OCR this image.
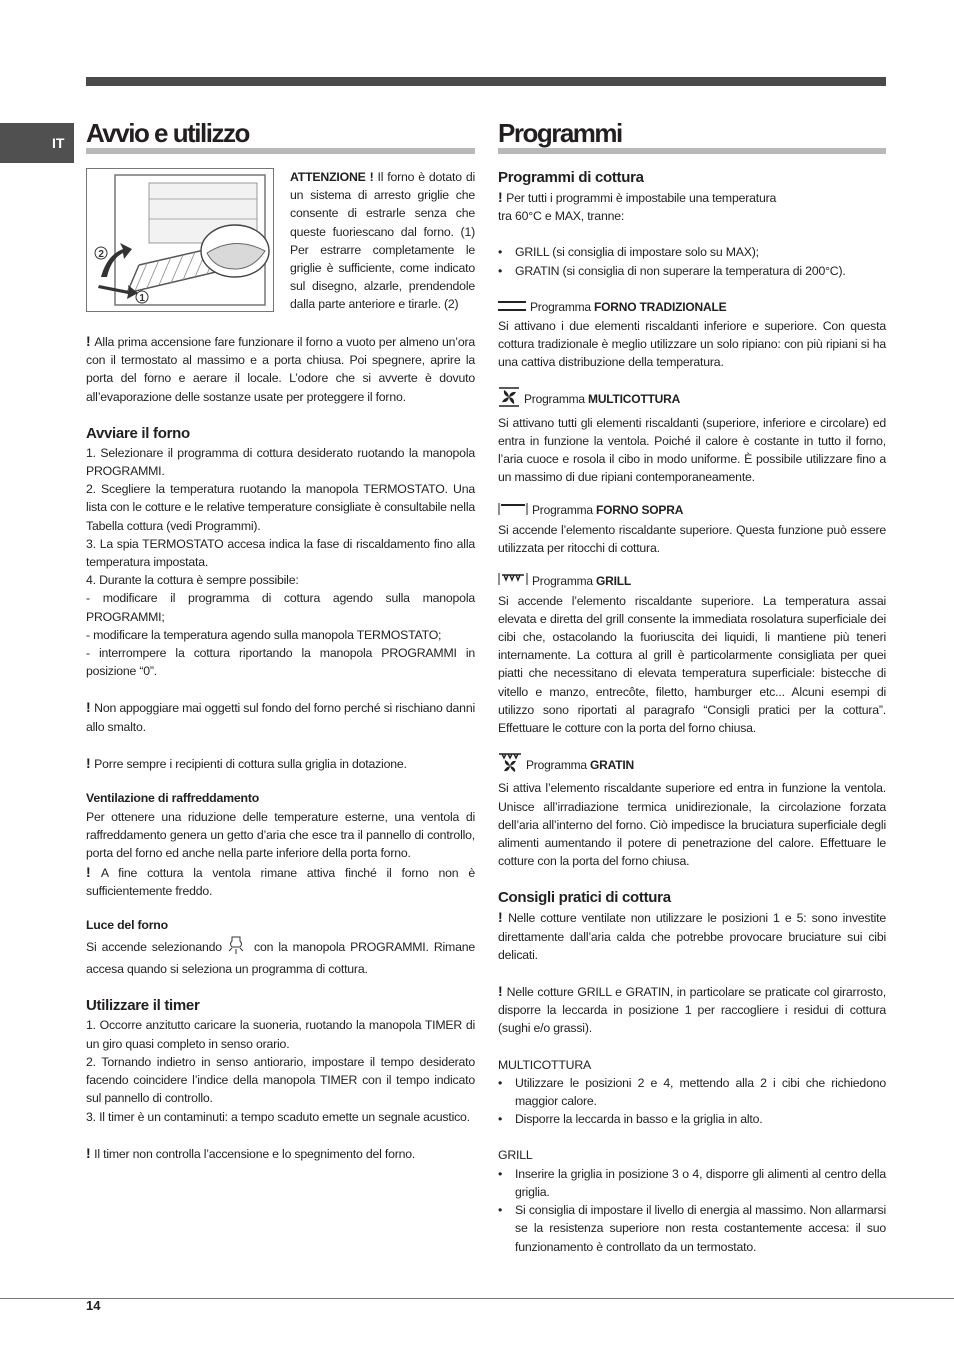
IT Avvio e utilizzo
2
1

ATTENZIONE ! Il forno è dotato di un sistema di arresto griglie che consente di estrarle senza che queste fuoriescano dal forno. (1) Per estrarre completamente le griglie è sufficiente, come indicato sul disegno, alzarle, prendendole dalla parte anteriore e tirarle. (2)

! Alla prima accensione fare funzionare il forno a vuoto per almeno un’ora con il termostato al massimo e a porta chiusa. Poi spegnere, aprire la porta del forno e aerare il locale. L’odore che si avverte è dovuto all’evaporazione delle sostanze usate per proteggere il forno.

Avviare il forno

1. Selezionare il programma di cottura desiderato ruotando la manopola PROGRAMMI.

2. Scegliere la temperatura ruotando la manopola TERMOSTATO. Una lista con le cotture e le relative temperature consigliate è consultabile nella Tabella cottura (vedi Programmi).

3. La spia TERMOSTATO accesa indica la fase di riscaldamento fino alla temperatura impostata.

4. Durante la cottura è sempre possibile:

- modificare il programma di cottura agendo sulla manopola PROGRAMMI;

- modificare la temperatura agendo sulla manopola TERMOSTATO;

- interrompere la cottura riportando la manopola PROGRAMMI in posizione “0”.

! Non appoggiare mai oggetti sul fondo del forno perché si rischiano danni allo smalto.

! Porre sempre i recipienti di cottura sulla griglia in dotazione.

Ventilazione di raffreddamento

Per ottenere una riduzione delle temperature esterne, una ventola di raffreddamento genera un getto d’aria che esce tra il pannello di controllo, porta del forno ed anche nella parte inferiore della porta forno.

! A fine cottura la ventola rimane attiva finché il forno non è sufficientemente freddo.

Luce del forno

Si accende selezionando  con la manopola PROGRAMMI. Rimane accesa quando si seleziona un programma di cottura.

Utilizzare il timer

1. Occorre anzitutto caricare la suoneria, ruotando la manopola TIMER di un giro quasi completo in senso orario.

2. Tornando indietro in senso antiorario, impostare il tempo desiderato facendo coincidere l’indice della manopola TIMER con il tempo indicato sul pannello di controllo.

3. Il timer è un contaminuti: a tempo scaduto emette un segnale acustico.

! Il timer non controlla l’accensione e lo spegnimento del forno.

Programmi
Programmi di cottura

! Per tutti i programmi è impostabile una temperatura

tra 60°C e MAX, tranne:

• GRILL (si consiglia di impostare solo su MAX);
• GRATIN (si consiglia di non superare la temperatura di 200°C).
Programma FORNO TRADIZIONALE

Si attivano i due elementi riscaldanti inferiore e superiore. Con questa cottura tradizionale è meglio utilizzare un solo ripiano: con più ripiani si ha una cattiva distribuzione della temperatura.

Programma MULTICOTTURA

Si attivano tutti gli elementi riscaldanti (superiore, inferiore e circolare) ed entra in funzione la ventola. Poiché il calore è costante in tutto il forno, l’aria cuoce e rosola il cibo in modo uniforme. È possibile utilizzare fino a un massimo di due ripiani contemporaneamente.

Programma FORNO SOPRA

Si accende l’elemento riscaldante superiore. Questa funzione può essere utilizzata per ritocchi di cottura.

Programma GRILL

Si accende l’elemento riscaldante superiore. La temperatura assai elevata e diretta del grill consente la immediata rosolatura superficiale dei cibi che, ostacolando la fuoriuscita dei liquidi, li mantiene più teneri internamente. La cottura al grill è particolarmente consigliata per quei piatti che necessitano di elevata temperatura superficiale: bistecche di vitello e manzo, entrecôte, filetto, hamburger etc... Alcuni esempi di utilizzo sono riportati al paragrafo “Consigli pratici per la cottura”. Effettuare le cotture con la porta del forno chiusa.

Programma GRATIN

Si attiva l’elemento riscaldante superiore ed entra in funzione la ventola. Unisce all’irradiazione termica unidirezionale, la circolazione forzata dell’aria all’interno del forno. Ciò impedisce la bruciatura superficiale degli alimenti aumentando il potere di penetrazione del calore. Effettuare le cotture con la porta del forno chiusa.

Consigli pratici di cottura

! Nelle cotture ventilate non utilizzare le posizioni 1 e 5: sono investite direttamente dall’aria calda che potrebbe provocare bruciature sui cibi delicati.

! Nelle cotture GRILL e GRATIN, in particolare se praticate col girarrosto, disporre la leccarda in posizione 1 per raccogliere i residui di cottura (sughi e/o grassi).

MULTICOTTURA

• Utilizzare le posizioni 2 e 4, mettendo alla 2 i cibi che richiedono maggior calore.
• Disporre la leccarda in basso e la griglia in alto.

GRILL

• Inserire la griglia in posizione 3 o 4, disporre gli alimenti al centro della griglia.
• Si consiglia di impostare il livello di energia al massimo. Non allarmarsi se la resistenza superiore non resta costantemente accesa: il suo funzionamento è controllato da un termostato.
14
